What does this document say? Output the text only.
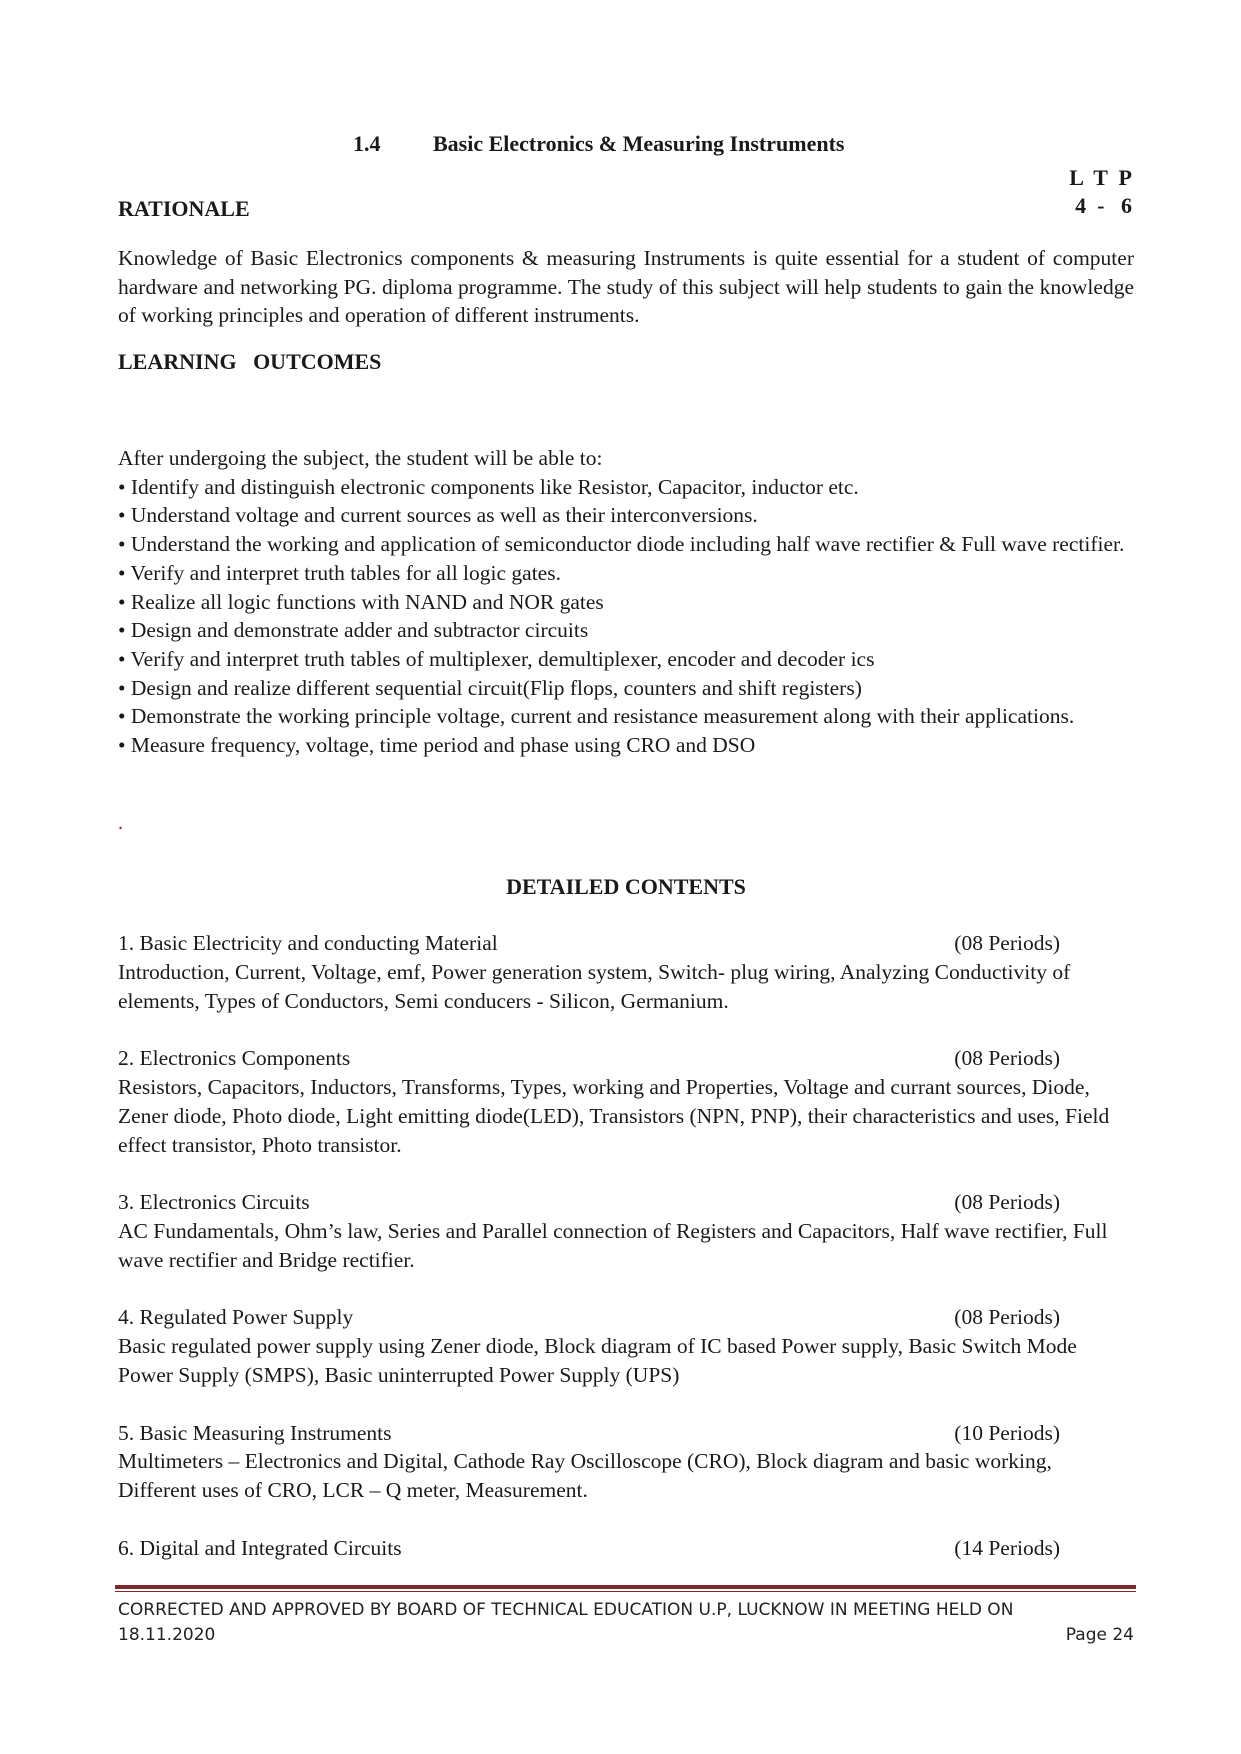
1.4 Basic Electronics & Measuring Instruments
L  T  P
4  -   6
RATIONALE
Knowledge of Basic Electronics components & measuring Instruments is quite essential for a student of computer hardware and networking PG. diploma programme. The study of this subject will help students to gain the knowledge of working principles and operation of different instruments.
LEARNING   OUTCOMES

After undergoing the subject, the student will be able to:

• Identify and distinguish electronic components like Resistor, Capacitor, inductor etc.
• Understand voltage and current sources as well as their interconversions.
• Understand the working and application of semiconductor diode including half wave rectifier & Full wave rectifier.
• Verify and interpret truth tables for all logic gates.
• Realize all logic functions with NAND and NOR gates
• Design and demonstrate adder and subtractor circuits
• Verify and interpret truth tables of multiplexer, demultiplexer, encoder and decoder ics
• Design and realize different sequential circuit(Flip flops, counters and shift registers)
• Demonstrate the working principle voltage, current and resistance measurement along with their applications.
• Measure frequency, voltage, time period and phase using CRO and DSO
.
DETAILED CONTENTS
1. Basic Electricity and conducting Material	(08 Periods)
Introduction, Current, Voltage, emf, Power generation system, Switch- plug wiring, Analyzing Conductivity of elements, Types of Conductors, Semi conducers - Silicon, Germanium.
2. Electronics Components	(08 Periods)
Resistors, Capacitors, Inductors, Transforms, Types, working and Properties, Voltage and currant sources, Diode, Zener diode, Photo diode, Light emitting diode(LED), Transistors (NPN, PNP), their characteristics and uses, Field effect transistor, Photo transistor.
3. Electronics Circuits	(08 Periods)
AC Fundamentals, Ohm’s law, Series and Parallel connection of Registers and Capacitors, Half wave rectifier, Full wave rectifier and Bridge rectifier.
4. Regulated Power Supply	(08 Periods)
Basic regulated power supply using Zener diode, Block diagram of IC based Power supply, Basic Switch Mode Power Supply (SMPS), Basic uninterrupted Power Supply (UPS)
5. Basic Measuring Instruments	(10 Periods)
Multimeters – Electronics and Digital, Cathode Ray Oscilloscope (CRO), Block diagram and basic working, Different uses of CRO, LCR – Q meter, Measurement.
6. Digital and Integrated Circuits	(14 Periods)
CORRECTED AND APPROVED BY BOARD OF TECHNICAL EDUCATION U.P, LUCKNOW IN MEETING HELD ON
18.11.2020	Page 24
